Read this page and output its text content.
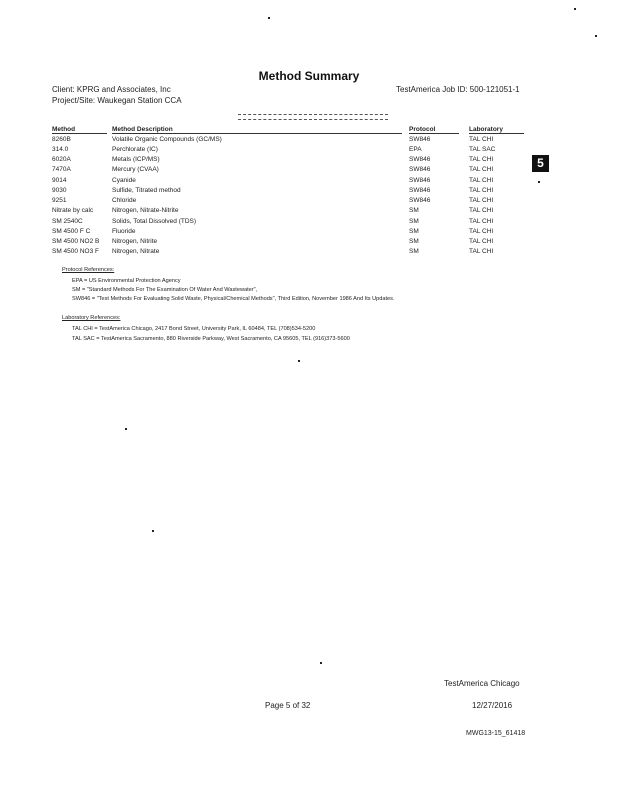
Method Summary
Client: KPRG and Associates, Inc
Project/Site: Waukegan Station CCA
TestAmerica Job ID: 500-121051-1
5
Method	Method Description	Protocol	Laboratory
8260B	Volatile Organic Compounds (GC/MS)	SW846	TAL CHI
314.0	Perchlorate (IC)	EPA	TAL SAC
6020A	Metals (ICP/MS)	SW846	TAL CHI
7470A	Mercury (CVAA)	SW846	TAL CHI
9014	Cyanide	SW846	TAL CHI
9030	Sulfide, Titrated method	SW846	TAL CHI
9251	Chloride	SW846	TAL CHI
Nitrate by calc	Nitrogen, Nitrate-Nitrite	SM	TAL CHI
SM 2540C	Solids, Total Dissolved (TDS)	SM	TAL CHI
SM 4500 F C	Fluoride	SM	TAL CHI
SM 4500 NO2 B	Nitrogen, Nitrite	SM	TAL CHI
SM 4500 NO3 F	Nitrogen, Nitrate	SM	TAL CHI
Protocol References:
EPA = US Environmental Protection Agency
SM = "Standard Methods For The Examination Of Water And Wastewater",
SW846 = "Test Methods For Evaluating Solid Waste, Physical/Chemical Methods", Third Edition, November 1986 And Its Updates.
Laboratory References:
TAL CHI = TestAmerica Chicago, 2417 Bond Street, University Park, IL 60484, TEL (708)534-5200
TAL SAC = TestAmerica Sacramento, 880 Riverside Parkway, West Sacramento, CA 95605, TEL (916)373-5600
TestAmerica Chicago
Page 5 of 32	12/27/2016
MWG13-15_61418
